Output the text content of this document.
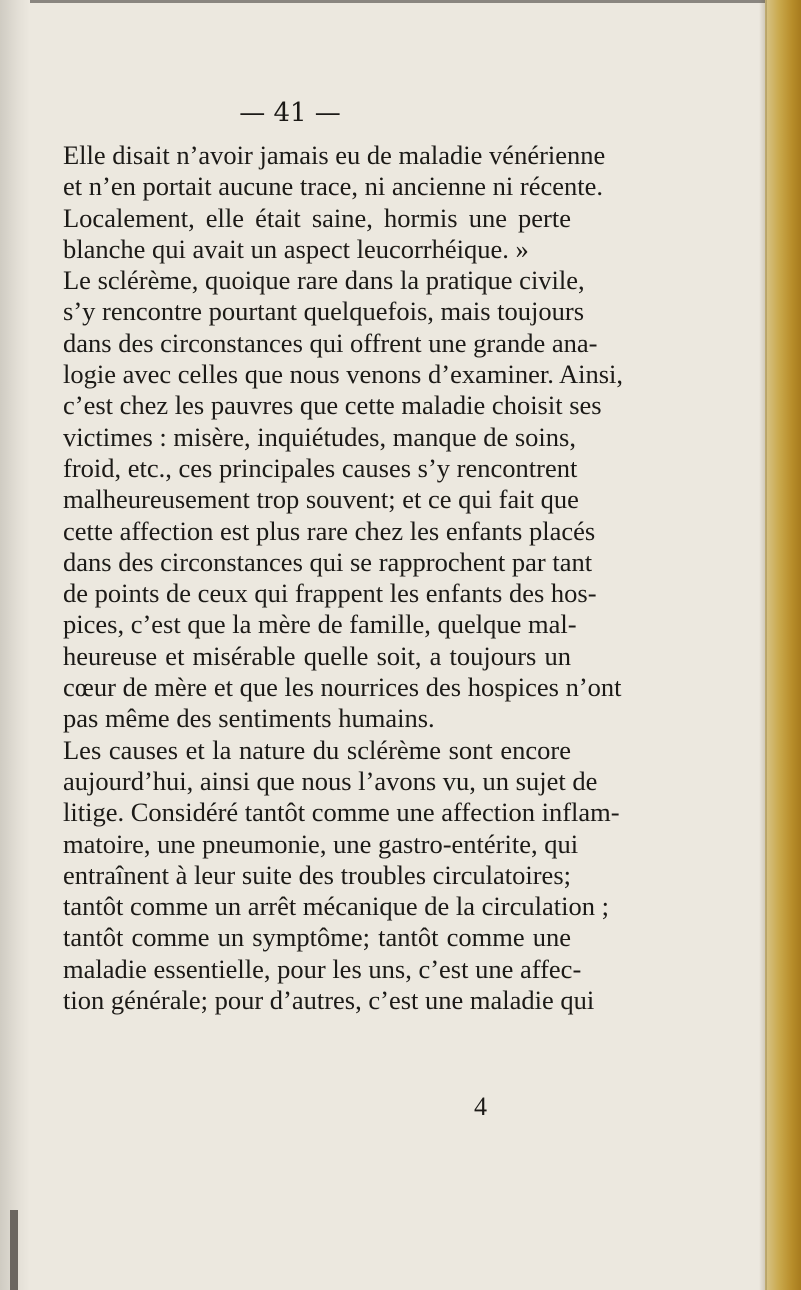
— 41 —
Elle disait n’avoir jamais eu de maladie vénérienne
et n’en portait aucune trace, ni ancienne ni récente.
Localement, elle était saine, hormis une perte
blanche qui avait un aspect leucorrhéique. »
Le sclérème, quoique rare dans la pratique civile,
s’y rencontre pourtant quelquefois, mais toujours
dans des circonstances qui offrent une grande ana-
logie avec celles que nous venons d’examiner. Ainsi,
c’est chez les pauvres que cette maladie choisit ses
victimes : misère, inquiétudes, manque de soins,
froid, etc., ces principales causes s’y rencontrent
malheureusement trop souvent; et ce qui fait que
cette affection est plus rare chez les enfants placés
dans des circonstances qui se rapprochent par tant
de points de ceux qui frappent les enfants des hos-
pices, c’est que la mère de famille, quelque mal-
heureuse et misérable quelle soit, a toujours un
cœur de mère et que les nourrices des hospices n’ont
pas même des sentiments humains.
Les causes et la nature du sclérème sont encore
aujourd’hui, ainsi que nous l’avons vu, un sujet de
litige. Considéré tantôt comme une affection inflam-
matoire, une pneumonie, une gastro-entérite, qui
entraînent à leur suite des troubles circulatoires;
tantôt comme un arrêt mécanique de la circulation ;
tantôt comme un symptôme; tantôt comme une
maladie essentielle, pour les uns, c’est une affec-
tion générale; pour d’autres, c’est une maladie qui
4
